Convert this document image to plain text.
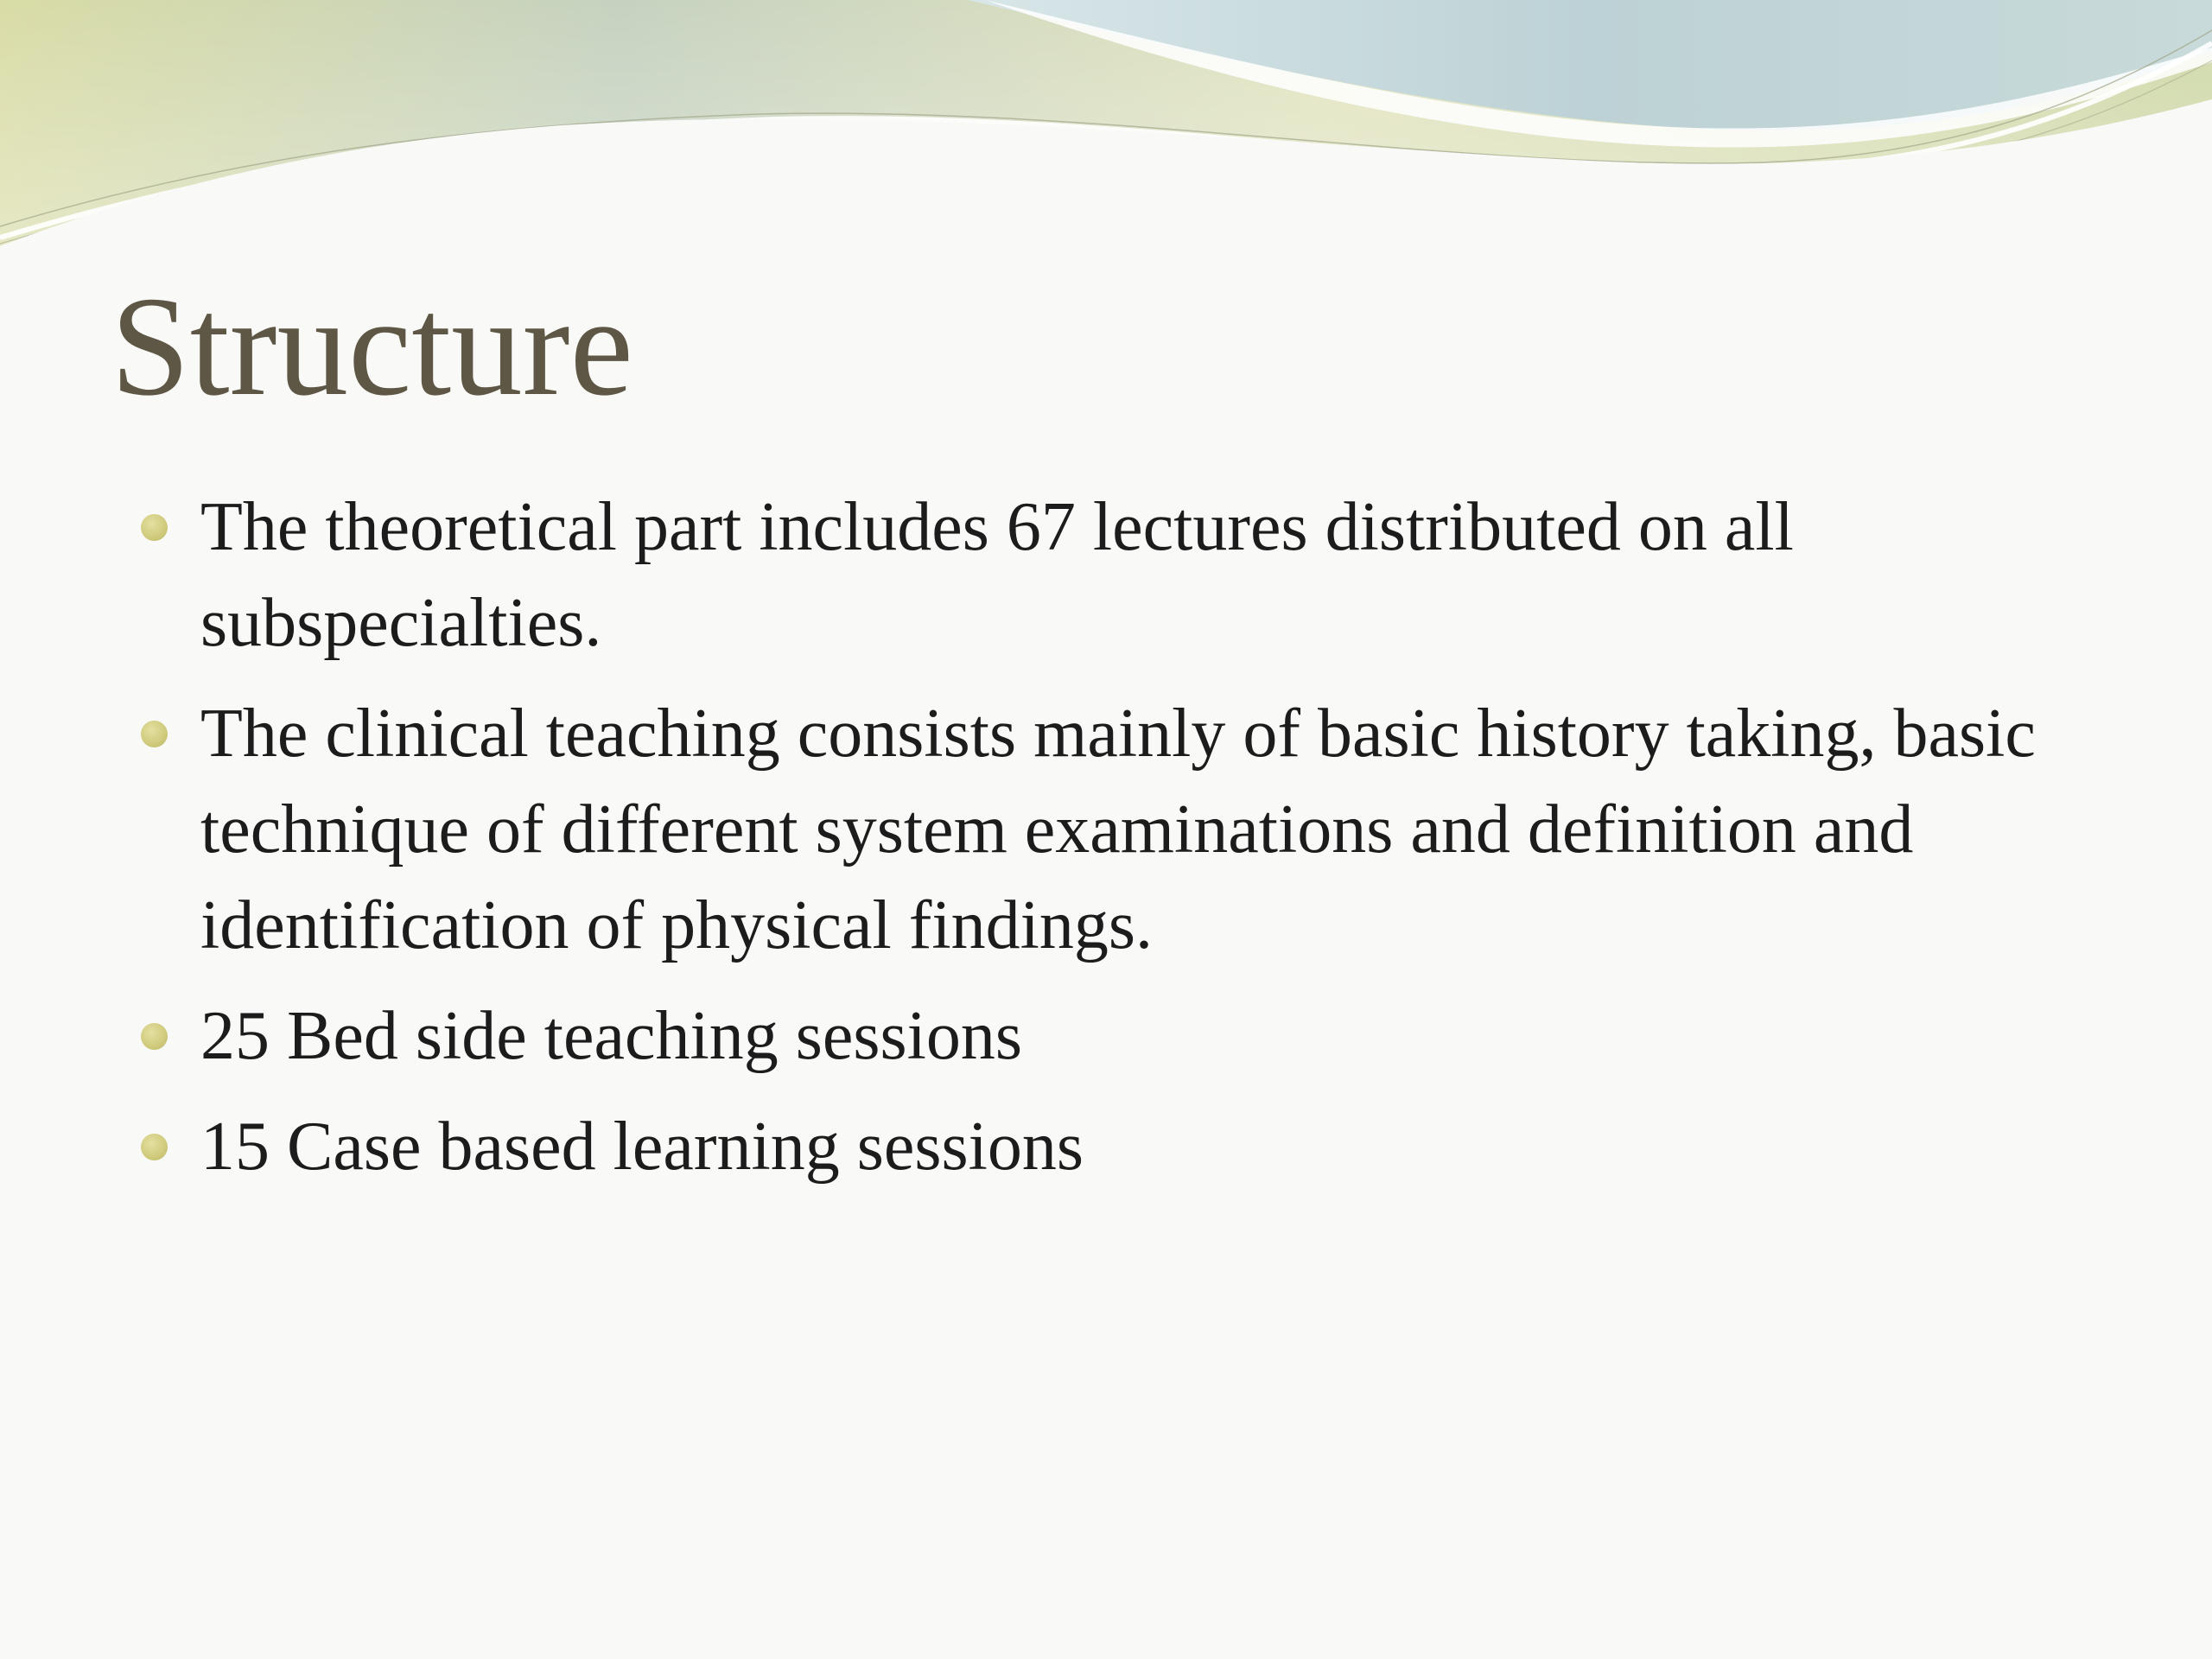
Structure
The theoretical part includes 67 lectures distributed on all subspecialties.
The clinical teaching consists mainly of basic history taking, basic technique of different system examinations and definition and identification of physical findings.
25 Bed side teaching sessions
15 Case based learning sessions
